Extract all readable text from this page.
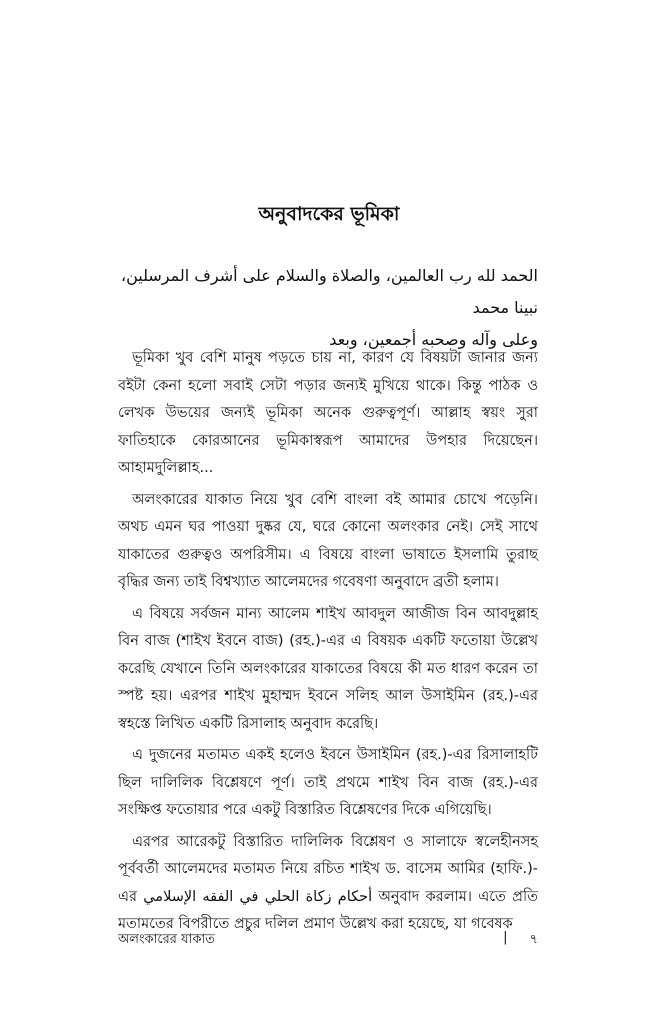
অনুবাদকের ভূমিকা

الحمد لله رب العالمين، والصلاة والسلام على أشرف المرسلين، نبينا محمد

وعلى وآله وصحبه أجمعين، وبعد

ভূমিকা খুব বেশি মানুষ পড়তে চায় না, কারণ যে বিষয়টা জানার জন্য বইটা কেনা হলো সবাই সেটা পড়ার জন্যই মুখিয়ে থাকে। কিন্তু পাঠক ও লেখক উভয়ের জন্যই ভূমিকা অনেক গুরুত্বপূর্ণ। আল্লাহ স্বয়ং সুরা ফাতিহাকে কোরআনের ভূমিকাস্বরূপ আমাদের উপহার দিয়েছেন। আহামদুলিল্লাহ...

অলংকারের যাকাত নিয়ে খুব বেশি বাংলা বই আমার চোখে পড়েনি। অথচ এমন ঘর পাওয়া দুষ্কর যে, ঘরে কোনো অলংকার নেই। সেই সাথে যাকাতের গুরুত্বও অপরিসীম। এ বিষয়ে বাংলা ভাষাতে ইসলামি তুরাছ বৃদ্ধির জন্য তাই বিশ্বখ্যাত আলেমদের গবেষণা অনুবাদে ব্রতী হলাম।

এ বিষয়ে সর্বজন মান্য আলেম শাইখ আবদুল আজীজ বিন আবদুল্লাহ বিন বাজ (শাইখ ইবনে বাজ) (রহ.)-এর এ বিষয়ক একটি ফতোয়া উল্লেখ করেছি যেখানে তিনি অলংকারের যাকাতের বিষয়ে কী মত ধারণ করেন তা স্পষ্ট হয়। এরপর শাইখ মুহাম্মদ ইবনে সলিহ আল উসাইমিন (রহ.)-এর স্বহস্তে লিখিত একটি রিসালাহ অনুবাদ করেছি।

এ দুজনের মতামত একই হলেও ইবনে উসাইমিন (রহ.)-এর রিসালাহটি ছিল দালিলিক বিশ্লেষণে পূর্ণ। তাই প্রথমে শাইখ বিন বাজ (রহ.)-এর সংক্ষিপ্ত ফতোয়ার পরে একটু বিস্তারিত বিশ্লেষণের দিকে এগিয়েছি।

এরপর আরেকটু বিস্তারিত দালিলিক বিশ্লেষণ ও সালাফে স্বলেহীনসহ পূর্ববর্তী আলেমদের মতামত নিয়ে রচিত শাইখ ড. বাসেম আমির (হাফি.)-এর أحكام زكاة الحلي في الفقه الإسلامي অনুবাদ করলাম। এতে প্রতি মতামতের বিপরীতে প্রচুর দলিল প্রমাণ উল্লেখ করা হয়েছে, যা গবেষক

অলংকারের যাকাত	| ৭
